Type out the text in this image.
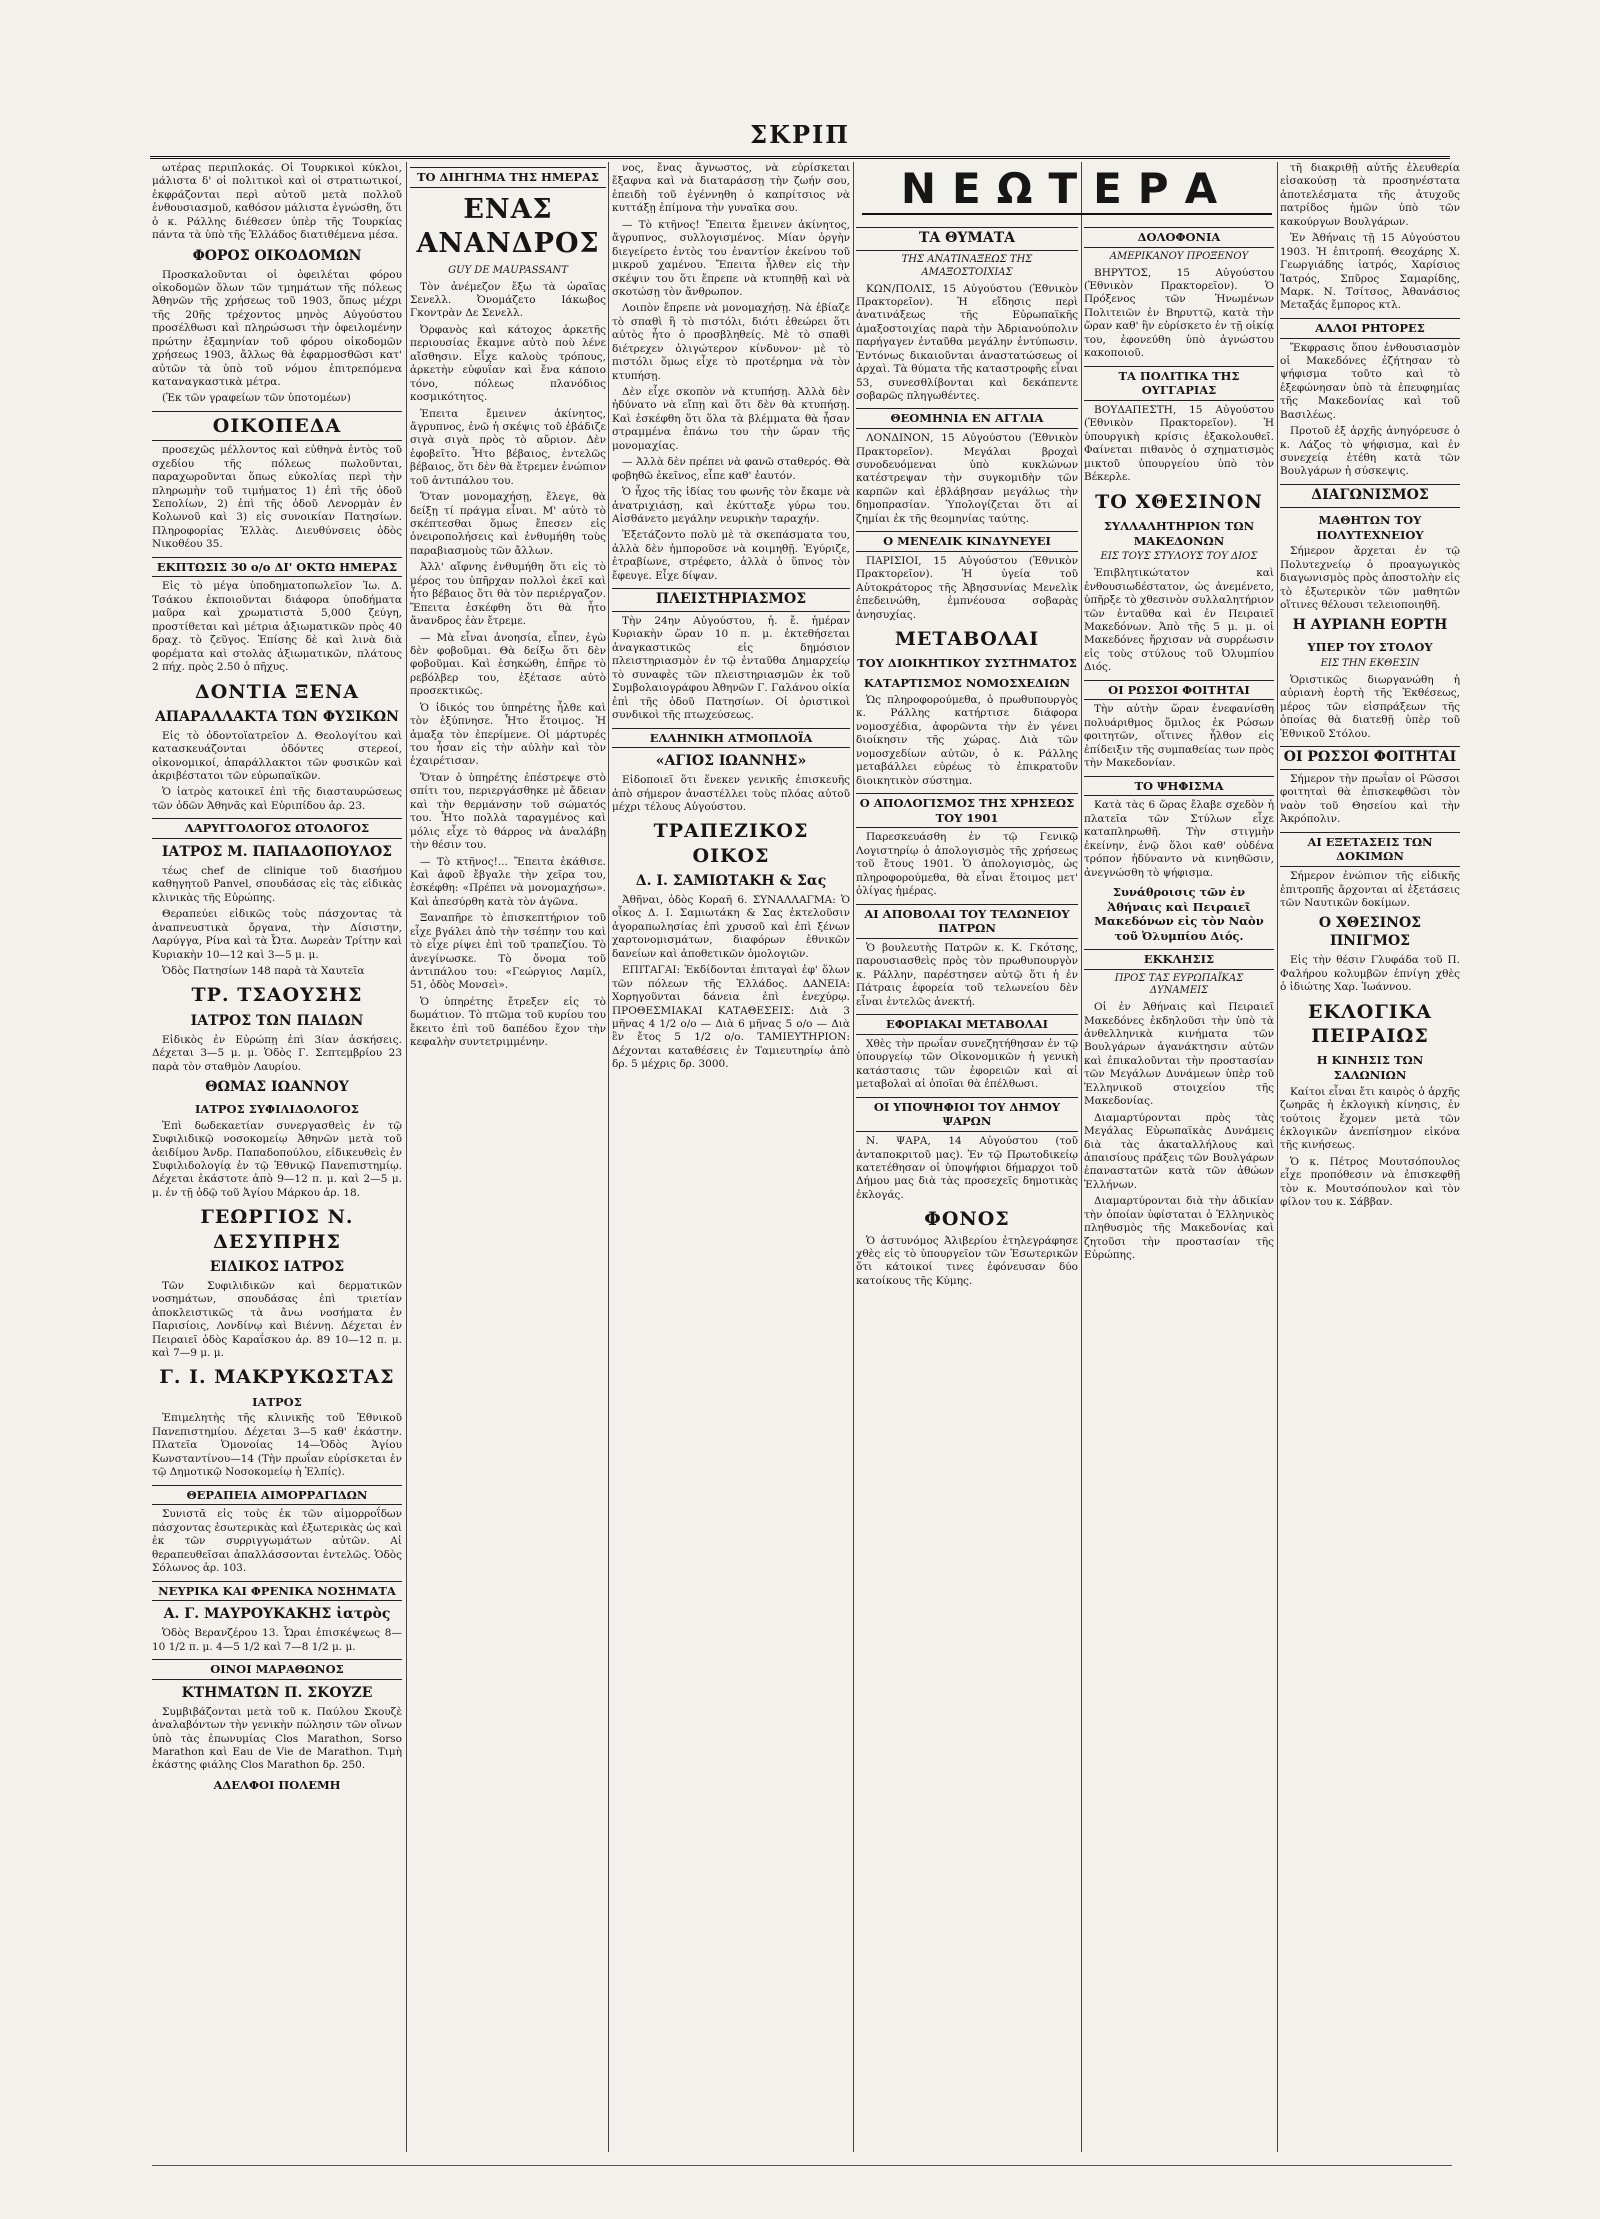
ΣΚΡΙΠ
ΝΕΩΤΕΡΑ

ωτέρας περιπλοκάς. Οἱ Τουρκικοὶ κύκλοι, μάλιστα δ' οἱ πολιτικοὶ καὶ οἱ στρατιωτικοί, ἐκφράζονται περὶ αὐτοῦ μετὰ πολλοῦ ἐνθουσιασμοῦ, καθόσον μάλιστα ἐγνώσθη, ὅτι ὁ κ. Ράλλης διέθεσεν ὑπὲρ τῆς Τουρκίας πάντα τὰ ὑπὸ τῆς Ἑλλάδος διατιθέμενα μέσα.

ΦΟΡΟΣ ΟΙΚΟΔΟΜΩΝ

Προσκαλοῦνται οἱ ὀφειλέται φόρου οἰκοδομῶν ὅλων τῶν τμημάτων τῆς πόλεως Ἀθηνῶν τῆς χρήσεως τοῦ 1903, ὅπως μέχρι τῆς 20ῆς τρέχοντος μηνὸς Αὐγούστου προσέλθωσι καὶ πληρώσωσι τὴν ὀφειλομένην πρώτην ἑξαμηνίαν τοῦ φόρου οἰκοδομῶν χρήσεως 1903, ἄλλως θὰ ἐφαρμοσθῶσι κατ' αὐτῶν τὰ ὑπὸ τοῦ νόμου ἐπιτρεπόμενα καταναγκαστικὰ μέτρα.

(Ἐκ τῶν γραφείων τῶν ὑποτομέων)

ΟΙΚΟΠΕΔΑ

προσεχῶς μέλλοντος καὶ εὐθηνὰ ἐντὸς τοῦ σχεδίου τῆς πόλεως πωλοῦνται, παραχωροῦνται ὅπως εὐκολίας περὶ τὴν πληρωμὴν τοῦ τιμήματος 1) ἐπὶ τῆς ὁδοῦ Σεπολίων, 2) ἐπὶ τῆς ὁδοῦ Λενορμὰν ἐν Κολωνοῦ καὶ 3) εἰς συνοικίαν Πατησίων. Πληροφορίας Ἑλλὰς. Διευθύνσεις ὁδὸς Νικοθέου 35.

ΕΚΠΤΩΣΙΣ 30 ο/ο ΔΙ' ΟΚΤΩ ΗΜΕΡΑΣ

Εἰς τὸ μέγα ὑποδηματοπωλεῖον Ἰω. Δ. Τσάκου ἐκποιοῦνται διάφορα ὑποδήματα μαῦρα καὶ χρωματιστὰ 5,000 ζεύγη, προστίθεται καὶ μέτρια ἀξιωματικῶν πρὸς 40 δραχ. τὸ ζεῦγος. Ἐπίσης δὲ καὶ λινὰ διὰ φορέματα καὶ στολὰς ἀξιωματικῶν, πλάτους 2 πήχ. πρὸς 2.50 ὁ πῆχυς.

ΔΟΝΤΙΑ ΞΕΝΑ
ΑΠΑΡΑΛΛΑΚΤΑ ΤΩΝ ΦΥΣΙΚΩΝ

Εἰς τὸ ὀδοντοϊατρεῖον Δ. Θεολογίτου καὶ κατασκευάζονται ὀδόντες στερεοί, οἰκονομικοί, ἀπαράλλακτοι τῶν φυσικῶν καὶ ἀκριβέστατοι τῶν εὐρωπαϊκῶν.

Ὁ ἰατρὸς κατοικεῖ ἐπὶ τῆς διασταυρώσεως τῶν ὁδῶν Ἀθηνᾶς καὶ Εὐριπίδου ἀρ. 23.

ΛΑΡΥΓΓΟΛΟΓΟΣ ΩΤΟΛΟΓΟΣ
ΙΑΤΡΟΣ Μ. ΠΑΠΑΔΟΠΟΥΛΟΣ

τέως chef de clinique τοῦ διασήμου καθηγητοῦ Panvel, σπουδάσας εἰς τὰς εἰδικὰς κλινικὰς τῆς Εὐρώπης.

Θεραπεύει εἰδικῶς τοὺς πάσχοντας τὰ ἀναπνευστικὰ ὄργανα, τὴν Δίσιστην, Λαρύγγα, Ρίνα καὶ τὰ Ὦτα. Δωρεὰν Τρίτην καὶ Κυριακὴν 10—12 καὶ 3—5 μ. μ.

Ὁδὸς Πατησίων 148 παρὰ τὰ Χαυτεῖα

ΤΡ. ΤΣΑΟΥΣΗΣ
ΙΑΤΡΟΣ ΤΩΝ ΠΑΙΔΩΝ

Εἰδικὸς ἐν Εὐρώπῃ ἐπὶ 3ίαν ἀσκήσεις. Δέχεται 3—5 μ. μ. Ὁδὸς Γ. Σεπτεμβρίου 23 παρὰ τὸν σταθμὸν Λαυρίου.

ΘΩΜΑΣ ΙΩΑΝΝΟΥ
ΙΑΤΡΟΣ ΣΥΦΙΛΙΔΟΛΟΓΟΣ

Ἐπὶ δωδεκαετίαν συνεργασθεὶς ἐν τῷ Συφιλιδικῷ νοσοκομείῳ Ἀθηνῶν μετὰ τοῦ ἀειδίμου Ἀνδρ. Παπαδοπούλου, εἰδικευθεὶς ἐν Συφιλιδολογίᾳ ἐν τῷ Ἐθνικῷ Πανεπιστημίῳ. Δέχεται ἑκάστοτε ἀπὸ 9—12 π. μ. καὶ 2—5 μ. μ. ἐν τῇ ὁδῷ τοῦ Ἀγίου Μάρκου ἀρ. 18.

ΓΕΩΡΓΙΟΣ Ν. ΔΕΣΥΠΡΗΣ
ΕΙΔΙΚΟΣ ΙΑΤΡΟΣ

Τῶν Συφιλιδικῶν καὶ δερματικῶν νοσημάτων, σπουδάσας ἐπὶ τριετίαν ἀποκλειστικῶς τὰ ἄνω νοσήματα ἐν Παρισίοις, Λονδίνῳ καὶ Βιέννῃ. Δέχεται ἐν Πειραιεῖ ὁδὸς Καραΐσκου ἀρ. 89 10—12 π. μ. καὶ 7—9 μ. μ.

Γ. Ι. ΜΑΚΡΥΚΩΣΤΑΣ
ΙΑΤΡΟΣ

Ἐπιμελητὴς τῆς κλινικῆς τοῦ Ἐθνικοῦ Πανεπιστημίου. Δέχεται 3—5 καθ' ἑκάστην. Πλατεῖα Ὁμονοίας 14—Ὁδὸς Ἁγίου Κωνσταντίνου—14 (Τὴν πρωΐαν εὑρίσκεται ἐν τῷ Δημοτικῷ Νοσοκομείῳ ἡ Ἐλπίς).

ΘΕΡΑΠΕΙΑ ΑΙΜΟΡΡΑΓΙΔΩΝ

Συνιστᾶ εἰς τοὺς ἐκ τῶν αἱμορροΐδων πάσχοντας ἐσωτερικὰς καὶ ἐξωτερικὰς ὡς καὶ ἐκ τῶν συρριγγωμάτων αὐτῶν. Αἱ θεραπευθεῖσαι ἀπαλλάσσονται ἐντελῶς. Ὁδὸς Σόλωνος ἀρ. 103.

ΝΕΥΡΙΚΑ ΚΑΙ ΦΡΕΝΙΚΑ ΝΟΣΗΜΑΤΑ
Α. Γ. ΜΑΥΡΟΥΚΑΚΗΣ ἰατρὸς

Ὁδὸς Βερανζέρου 13. Ὧραι ἐπισκέψεως 8—10 1/2 π. μ. 4—5 1/2 καὶ 7—8 1/2 μ. μ.

ΟΙΝΟΙ ΜΑΡΑΘΩΝΟΣ
ΚΤΗΜΑΤΩΝ Π. ΣΚΟΥΖΕ

Συμβιβάζονται μετὰ τοῦ κ. Παύλου Σκουζὲ ἀναλαβόντων τὴν γενικὴν πώλησιν τῶν οἴνων ὑπὸ τὰς ἐπωνυμίας Clos Marathon, Sorso Marathon καὶ Eau de Vie de Marathon. Τιμὴ ἑκάστης φιάλης Clos Marathon δρ. 250.

ΑΔΕΛΦΟΙ ΠΟΛΕΜΗ
ΤΟ ΔΙΗΓΗΜΑ ΤΗΣ ΗΜΕΡΑΣ
ΕΝΑΣ ΑΝΑΝΔΡΟΣ
GUY DE MAUPASSANT

Τὸν ἀνέμεζον ἔξω τὰ ὡραῖας Σενελλ. Ὀνομάζετο Ιάκωβος Γκοντρὰν Δε Σενελλ.

Ὀρφανὸς καὶ κάτοχος ἀρκετῆς περιουσίας ἔκαμνε αὐτὸ ποὺ λένε αἴσθησιν. Εἶχε καλοὺς τρόπους, ἀρκετὴν εὐφυΐαν καὶ ἔνα κάποιο τόνο, πόλεως πλανόδιος κοσμικότητος.

Ἐπειτα ἔμεινεν ἀκίνητος, ἄγρυπνος, ἐνῶ ἡ σκέψις τοῦ ἐβάδιζε σιγὰ σιγὰ πρὸς τὸ αὔριον. Δὲν ἐφοβεῖτο. Ἦτο βέβαιος, ἐντελῶς βέβαιος, ὅτι δὲν θὰ ἔτρεμεν ἐνώπιον τοῦ ἀντιπάλου του.

Ὅταν μονομαχήσῃ, ἔλεγε, θὰ δείξῃ τί πράγμα εἶναι. Μ' αὐτὸ τὸ σκέπτεσθαι ὅμως ἔπεσεν εἰς ὀνειροπολήσεις καὶ ἐνθυμήθη τοὺς παραβιασμοὺς τῶν ἄλλων.

Ἀλλ' αἴφνης ἐνθυμήθη ὅτι εἰς τὸ μέρος του ὑπῆρχαν πολλοὶ ἐκεῖ καὶ ἦτο βέβαιος ὅτι θὰ τὸν περιέργαζον. Ἔπειτα ἐσκέφθη ὅτι θὰ ἦτο ἄνανδρος ἐὰν ἔτρεμε.

— Μὰ εἶναι ἀνοησία, εἶπεν, ἐγὼ δὲν φοβοῦμαι. Θὰ δείξω ὅτι δὲν φοβοῦμαι. Καὶ ἐσηκώθη, ἐπῆρε τὸ ρεβόλβερ του, ἐξέτασε αὐτὸ προσεκτικῶς.

Ὁ ἰδικός του ὑπηρέτης ἦλθε καὶ τὸν ἐξύπνησε. Ἦτο ἕτοιμος. Ἡ ἁμαξα τὸν ἐπερίμενε. Οἱ μάρτυρές του ἦσαν εἰς τὴν αὐλὴν καὶ τὸν ἐχαιρέτισαν.

Ὅταν ὁ ὑπηρέτης ἐπέστρεψε στὸ σπίτι του, περιεργάσθηκε μὲ ἄδειαν καὶ τὴν θερμάνσην τοῦ σώματός του. Ἦτο πολλὰ ταραγμένος καὶ μόλις εἶχε τὸ θάρρος νὰ ἀναλάβῃ τὴν θέσιν του.

— Τὸ κτῆνος!... Ἔπειτα ἐκάθισε. Καὶ ἀφοῦ ἔβγαλε τὴν χεῖρα του, ἐσκέφθη: «Πρέπει νὰ μονομαχήσω». Καὶ ἀπεσύρθη κατὰ τὸν ἀγῶνα.

Ξαναπῆρε τὸ ἐπισκεπτήριον τοῦ εἶχε βγάλει ἀπὸ τὴν τσέπην του καὶ τὸ εἶχε ρίψει ἐπὶ τοῦ τραπεζίου. Τὸ ἀνεγίνωσκε. Τὸ ὄνομα τοῦ ἀντιπάλου του: «Γεώργιος Λαμίλ, 51, ὁδὸς Μονσεὶ».

Ὁ ὑπηρέτης ἔτρεξεν εἰς τὸ δωμάτιον. Τὸ πτῶμα τοῦ κυρίου του ἔκειτο ἐπὶ τοῦ δαπέδου ἔχον τὴν κεφαλὴν συντετριμμένην.

νος, ἔνας ἄγνωστος, νὰ εὐρίσκεται ἔξαφνα καὶ νὰ διαταράσσῃ τὴν ζωήν σου, ἐπειδὴ τοῦ ἐγέννηθη ὁ καπρίτσιος νὰ κυττάξῃ ἐπίμονα τὴν γυναῖκα σου.

— Τὸ κτῆνος! Ἔπειτα ἔμεινεν ἀκίνητος, ἄγρυπνος, συλλογισμένος. Μίαν ὀργὴν διεγείρετο ἐντὸς του ἐναντίον ἐκείνου τοῦ μικροῦ χαμένου. Ἔπειτα ἦλθεν εἰς τὴν σκέψιν του ὅτι ἔπρεπε νὰ κτυπηθῇ καὶ νὰ σκοτώσῃ τὸν ἄνθρωπον.

Λοιπὸν ἔπρεπε νὰ μονομαχήσῃ. Νὰ ἐβίαζε τὸ σπαθὶ ἢ τὸ πιστόλι, διότι ἐθεώρει ὅτι αὐτὸς ἦτο ὁ προσβληθείς. Μὲ τὸ σπαθὶ διέτρεχεν ὀλιγώτερον κίνδυνον· μὲ τὸ πιστόλι ὅμως εἶχε τὸ προτέρημα νὰ τὸν κτυπήσῃ.

Δὲν εἶχε σκοπὸν νὰ κτυπήσῃ. Ἀλλὰ δὲν ἠδύνατο νὰ εἴπῃ καὶ ὅτι δὲν θὰ κτυπήσῃ. Καὶ ἐσκέφθη ὅτι ὅλα τὰ βλέμματα θὰ ἦσαν στραμμένα ἐπάνω του τὴν ὥραν τῆς μονομαχίας.

— Ἀλλὰ δὲν πρέπει νὰ φανῶ σταθερός. Θὰ φοβηθῶ ἐκεῖνος, εἶπε καθ' ἑαυτόν.

Ὁ ἦχος τῆς ἰδίας του φωνῆς τὸν ἔκαμε νὰ ἀνατριχιάσῃ, καὶ ἐκύτταξε γύρω του. Αἰσθάνετο μεγάλην νευρικὴν ταραχήν.

Ἐξετάζοντο πολὺ μὲ τὰ σκεπάσματα του, ἀλλὰ δὲν ἠμποροῦσε νὰ κοιμηθῇ. Ἐγύριζε, ἐτραβίωνε, στρέφετο, ἀλλὰ ὁ ὕπνος τὸν ἔφευγε. Εἶχε δίψαν.

ΠΛΕΙΣΤΗΡΙΑΣΜΟΣ

Τὴν 24ην Αὐγούστου, ἡ. ἔ. ἡμέραν Κυριακὴν ὥραν 10 π. μ. ἐκτεθήσεται ἀναγκαστικῶς εἰς δημόσιον πλειστηριασμὸν ἐν τῷ ἐνταῦθα Δημαρχείῳ τὸ συναφὲς τῶν πλειστηριασμῶν ἐκ τοῦ Συμβολαιογράφου Ἀθηνῶν Γ. Γαλάνου οἰκία ἐπὶ τῆς ὁδοῦ Πατησίων. Οἱ ὁριστικοὶ συνδικοὶ τῆς πτωχεύσεως.

ΕΛΛΗΝΙΚΗ ΑΤΜΟΠΛΟΪΑ
«ΑΓΙΟΣ ΙΩΑΝΝΗΣ»

Εἰδοποιεῖ ὅτι ἕνεκεν γενικῆς ἐπισκευῆς ἀπὸ σήμερον ἀναστέλλει τοὺς πλόας αὐτοῦ μέχρι τέλους Αὐγούστου.

ΤΡΑΠΕΖΙΚΟΣ ΟΙΚΟΣ
Δ. Ι. ΣΑΜΙΩΤΑΚΗ & Σας

Ἀθῆναι, ὁδὸς Κοραῆ 6. ΣΥΝΑΛΛΑΓΜΑ: Ὁ οἶκος Δ. Ι. Σαμιωτάκη & Σας ἐκτελοῦσιν ἀγοραπωλησίας ἐπὶ χρυσοῦ καὶ ἐπὶ ξένων χαρτονομισμάτων, διαφόρων ἐθνικῶν δανείων καὶ ἀποθετικῶν ὁμολογιῶν.

ΕΠΙΤΑΓΑΙ: Ἐκδίδονται ἐπιταγαὶ ἐφ' ὅλων τῶν πόλεων τῆς Ἑλλάδος. ΔΑΝΕΙΑ: Χορηγοῦνται δάνεια ἐπὶ ἐνεχύρῳ. ΠΡΟΘΕΣΜΙΑΚΑΙ ΚΑΤΑΘΕΣΕΙΣ: Διὰ 3 μῆνας 4 1/2 ο/ο — Διὰ 6 μῆνας 5 ο/ο — Διὰ ἓν ἔτος 5 1/2 ο/ο. ΤΑΜΙΕΥΤΗΡΙΟΝ: Δέχονται καταθέσεις ἐν Ταμιευτηρίῳ ἀπὸ δρ. 5 μέχρις δρ. 3000.

ΤΑ ΘΥΜΑΤΑ
ΤΗΣ ΑΝΑΤΙΝΑΞΕΩΣ ΤΗΣ ΑΜΑΞΟΣΤΟΙΧΙΑΣ

ΚΩΝ/ΠΟΛΙΣ, 15 Αὐγούστου (Ἐθνικὸν Πρακτορεῖον). Ἡ εἴδησις περὶ ἀνατινάξεως τῆς Εὐρωπαϊκῆς ἀμαξοστοιχίας παρὰ τὴν Ἀδριανούπολιν παρήγαγεν ἐνταῦθα μεγάλην ἐντύπωσιν. Ἐντόνως δικαιοῦνται ἀναστατώσεως οἱ ἀρχαὶ. Τὰ θύματα τῆς καταστροφῆς εἶναι 53, συνεσθλίβονται καὶ δεκάπεντε σοβαρῶς πληγωθέντες.

ΘΕΟΜΗΝΙΑ ΕΝ ΑΓΓΛΙΑ

ΛΟΝΔΙΝΟΝ, 15 Αὐγούστου (Ἐθνικὸν Πρακτορεῖον). Μεγάλαι βροχαὶ συνοδευόμεναι ὑπὸ κυκλώνων κατέστρεψαν τὴν συγκομιδὴν τῶν καρπῶν καὶ ἐβλάβησαν μεγάλως τὴν δημοπρασίαν. Ὑπολογίζεται ὅτι αἱ ζημίαι ἐκ τῆς θεομηνίας ταύτης.

Ο ΜΕΝΕΛΙΚ ΚΙΝΔΥΝΕΥΕΙ

ΠΑΡΙΣΙΟΙ, 15 Αὐγούστου (Ἐθνικὸν Πρακτορεῖον). Ἡ ὑγεία τοῦ Αὐτοκράτορος τῆς Ἀβησσυνίας Μενελὶκ ἐπεδεινώθη, ἐμπνέουσα σοβαρὰς ἀνησυχίας.

ΜΕΤΑΒΟΛΑΙ
ΤΟΥ ΔΙΟΙΚΗΤΙΚΟΥ ΣΥΣΤΗΜΑΤΟΣ
ΚΑΤΑΡΤΙΣΜΟΣ ΝΟΜΟΣΧΕΔΙΩΝ

Ὡς πληροφορούμεθα, ὁ πρωθυπουργὸς κ. Ράλλης κατήρτισε διάφορα νομοσχέδια, ἀφορῶντα τὴν ἐν γένει διοίκησιν τῆς χώρας. Διὰ τῶν νομοσχεδίων αὐτῶν, ὁ κ. Ράλλης μεταβάλλει εὐρέως τὸ ἐπικρατοῦν διοικητικὸν σύστημα.

Ο ΑΠΟΛΟΓΙΣΜΟΣ ΤΗΣ ΧΡΗΣΕΩΣ ΤΟΥ 1901

Παρεσκευάσθη ἐν τῷ Γενικῷ Λογιστηρίῳ ὁ ἀπολογισμὸς τῆς χρήσεως τοῦ ἔτους 1901. Ὁ ἀπολογισμὸς, ὡς πληροφορούμεθα, θὰ εἶναι ἕτοιμος μετ' ὀλίγας ἡμέρας.

ΑΙ ΑΠΟΒΟΛΑΙ ΤΟΥ ΤΕΛΩΝΕΙΟΥ ΠΑΤΡΩΝ

Ὁ βουλευτὴς Πατρῶν κ. Κ. Γκότσης, παρουσιασθεὶς πρὸς τὸν πρωθυπουργὸν κ. Ράλλην, παρέστησεν αὐτῷ ὅτι ἡ ἐν Πάτραις ἐφορεία τοῦ τελωνείου δὲν εἶναι ἐντελῶς ἀνεκτή.

ΕΦΟΡΙΑΚΑΙ ΜΕΤΑΒΟΛΑΙ

Χθὲς τὴν πρωΐαν συνεζητήθησαν ἐν τῷ ὑπουργείῳ τῶν Οἰκονομικῶν ἡ γενικὴ κατάστασις τῶν ἐφορειῶν καὶ αἱ μεταβολαὶ αἱ ὁποῖαι θὰ ἐπέλθωσι.

ΟΙ ΥΠΟΨΗΦΙΟΙ ΤΟΥ ΔΗΜΟΥ ΨΑΡΩΝ

Ν. ΨΑΡΑ, 14 Αὐγούστου (τοῦ ἀνταποκριτοῦ μας). Ἐν τῷ Πρωτοδικείῳ κατετέθησαν οἱ ὑποψήφιοι δήμαρχοι τοῦ Δήμου μας διὰ τὰς προσεχεῖς δημοτικὰς ἐκλογάς.

ΦΟΝΟΣ

Ὁ ἀστυνόμος Ἀλιβερίου ἐτηλεγράφησε χθὲς εἰς τὸ ὑπουργεῖον τῶν Ἐσωτερικῶν ὅτι κάτοικοί τινες ἐφόνευσαν δύο κατοίκους τῆς Κύμης.

ΔΟΛΟΦΟΝΙΑ
ΑΜΕΡΙΚΑΝΟΥ ΠΡΟΞΕΝΟΥ

ΒΗΡΥΤΟΣ, 15 Αὐγούστου (Ἐθνικὸν Πρακτορεῖον). Ὁ Πρόξενος τῶν Ἡνωμένων Πολιτειῶν ἐν Βηρυττῷ, κατὰ τὴν ὥραν καθ' ἣν εὑρίσκετο ἐν τῇ οἰκίᾳ του, ἐφονεύθη ὑπὸ ἀγνώστου κακοποιοῦ.

ΤΑ ΠΟΛΙΤΙΚΑ ΤΗΣ ΟΥΓΓΑΡΙΑΣ

ΒΟΥΔΑΠΕΣΤΗ, 15 Αὐγούστου (Ἐθνικὸν Πρακτορεῖον). Ἡ ὑπουργικὴ κρίσις ἐξακολουθεῖ. Φαίνεται πιθανὸς ὁ σχηματισμὸς μικτοῦ ὑπουργείου ὑπὸ τὸν Βέκερλε.

ΤΟ ΧΘΕΣΙΝΟΝ
ΣΥΛΛΑΛΗΤΗΡΙΟΝ ΤΩΝ ΜΑΚΕΔΟΝΩΝ
ΕΙΣ ΤΟΥΣ ΣΤΥΛΟΥΣ ΤΟΥ ΔΙΟΣ

Ἐπιβλητικώτατον καὶ ἐνθουσιωδέστατον, ὡς ἀνεμένετο, ὑπῆρξε τὸ χθεσινὸν συλλαλητήριον τῶν ἐνταῦθα καὶ ἐν Πειραιεῖ Μακεδόνων. Ἀπὸ τῆς 5 μ. μ. οἱ Μακεδόνες ἤρχισαν νὰ συρρέωσιν εἰς τοὺς στύλους τοῦ Ὀλυμπίου Διός.

ΟΙ ΡΩΣΣΟΙ ΦΟΙΤΗΤΑΙ

Τὴν αὐτὴν ὥραν ἐνεφανίσθη πολυάριθμος ὅμιλος ἐκ Ρώσων φοιτητῶν, οἵτινες ἦλθον εἰς ἐπίδειξιν τῆς συμπαθείας των πρὸς τὴν Μακεδονίαν.

ΤΟ ΨΗΦΙΣΜΑ

Κατὰ τὰς 6 ὥρας ἔλαβε σχεδὸν ἡ πλατεῖα τῶν Στύλων εἶχε καταπληρωθῆ. Τὴν στιγμὴν ἐκείνην, ἐνῷ ὅλοι καθ' οὐδένα τρόπον ἠδύναντο νὰ κινηθῶσιν, ἀνεγνώσθη τὸ ψήφισμα.

Συνάθροισις τῶν ἐν Ἀθήναις καὶ Πειραιεῖ Μακεδόνων εἰς τὸν Ναὸν τοῦ Ὀλυμπίου Διός.
ΕΚΚΛΗΣΙΣ
ΠΡΟΣ ΤΑΣ ΕΥΡΩΠΑΪΚΑΣ ΔΥΝΑΜΕΙΣ

Οἱ ἐν Ἀθήναις καὶ Πειραιεῖ Μακεδόνες ἐκδηλοῦσι τὴν ὑπὸ τὰ ἀνθελληνικὰ κινήματα τῶν Βουλγάρων ἀγανάκτησιν αὐτῶν καὶ ἐπικαλοῦνται τὴν προστασίαν τῶν Μεγάλων Δυνάμεων ὑπὲρ τοῦ Ἑλληνικοῦ στοιχείου τῆς Μακεδονίας.

Διαμαρτύρονται πρὸς τὰς Μεγάλας Εὐρωπαϊκὰς Δυνάμεις διὰ τὰς ἀκαταλλήλους καὶ ἀπαισίους πράξεις τῶν Βουλγάρων ἐπαναστατῶν κατὰ τῶν ἀθώων Ἑλλήνων.

Διαμαρτύρονται διὰ τὴν ἀδικίαν τὴν ὁποίαν ὑφίσταται ὁ Ἑλληνικὸς πληθυσμὸς τῆς Μακεδονίας καὶ ζητοῦσι τὴν προστασίαν τῆς Εὐρώπης.

τῆ διακριθῇ αὐτῆς ἐλευθερία εἰσακούσῃ τὰ προσηνέστατα ἀποτελέσματα τῆς ἀτυχοῦς πατρίδος ἡμῶν ὑπὸ τῶν κακούργων Βουλγάρων.

Ἐν Ἀθήναις τῇ 15 Αὐγούστου 1903. Ἡ ἐπιτροπή. Θεοχάρης Χ. Γεωργιάδης ἰατρός, Χαρίσιος Ἰατρός, Σπῦρος Σαμαρίδης, Μαρκ. Ν. Τσίτσος, Ἀθανάσιος Μεταξάς ἔμπορος κτλ.

ΑΛΛΟΙ ΡΗΤΟΡΕΣ

Ἔκφρασις ὅπου ἐνθουσιασμὸν οἱ Μακεδόνες ἐζήτησαν τὸ ψήφισμα τοῦτο καὶ τὸ ἐξεφώνησαν ὑπὸ τὰ ἐπευφημίας τῆς Μακεδονίας καὶ τοῦ Βασιλέως.

Προτοῦ ἐξ ἀρχῆς ἀνηγόρευσε ὁ κ. Λάζος τὸ ψήφισμα, καὶ ἐν συνεχείᾳ ἐτέθη κατὰ τῶν Βουλγάρων ἡ σύσκεψις.

ΔΙΑΓΩΝΙΣΜΟΣ
ΜΑΘΗΤΩΝ ΤΟΥ ΠΟΛΥΤΕΧΝΕΙΟΥ

Σήμερον ἄρχεται ἐν τῷ Πολυτεχνείῳ ὁ προαγωγικὸς διαγωνισμὸς πρὸς ἀποστολὴν εἰς τὸ ἐξωτερικὸν τῶν μαθητῶν οἵτινες θέλουσι τελειοποιηθῆ.

Η ΑΥΡΙΑΝΗ ΕΟΡΤΗ
ΥΠΕΡ ΤΟΥ ΣΤΟΛΟΥ
ΕΙΣ ΤΗΝ ΕΚΘΕΣΙΝ

Ὁριστικῶς διωργανώθη ἡ αὐριανὴ ἑορτὴ τῆς Ἐκθέσεως, μέρος τῶν εἰσπράξεων τῆς ὁποίας θὰ διατεθῇ ὑπὲρ τοῦ Ἐθνικοῦ Στόλου.

ΟΙ ΡΩΣΣΟΙ ΦΟΙΤΗΤΑΙ

Σήμερον τὴν πρωΐαν οἱ Ρῶσσοι φοιτηταὶ θὰ ἐπισκεφθῶσι τὸν ναὸν τοῦ Θησείου καὶ τὴν Ἀκρόπολιν.

ΑΙ ΕΞΕΤΑΣΕΙΣ ΤΩΝ ΔΟΚΙΜΩΝ

Σήμερον ἐνώπιον τῆς εἰδικῆς ἐπιτροπῆς ἄρχονται αἱ ἐξετάσεις τῶν Ναυτικῶν δοκίμων.

Ο ΧΘΕΣΙΝΟΣ ΠΝΙΓΜΟΣ

Εἰς τὴν θέσιν Γλυφάδα τοῦ Π. Φαλήρου κολυμβῶν ἐπνίγη χθὲς ὁ ἰδιώτης Χαρ. Ἰωάννου.

ΕΚΛΟΓΙΚΑ ΠΕΙΡΑΙΩΣ
Η ΚΙΝΗΣΙΣ ΤΩΝ ΣΑΛΩΝΙΩΝ

Καίτοι εἶναι ἔτι καιρὸς ὁ ἀρχῆς ζωηρᾶς ἡ ἐκλογικὴ κίνησις, ἐν τούτοις ἔχομεν μετὰ τῶν ἐκλογικῶν ἀνεπίσημον εἰκόνα τῆς κινήσεως.

Ὁ κ. Πέτρος Μουτσόπουλος εἶχε προπόθεσιν νὰ ἐπισκεφθῇ τὸν κ. Μουτσόπουλον καὶ τὸν φίλον του κ. Σάββαν.
